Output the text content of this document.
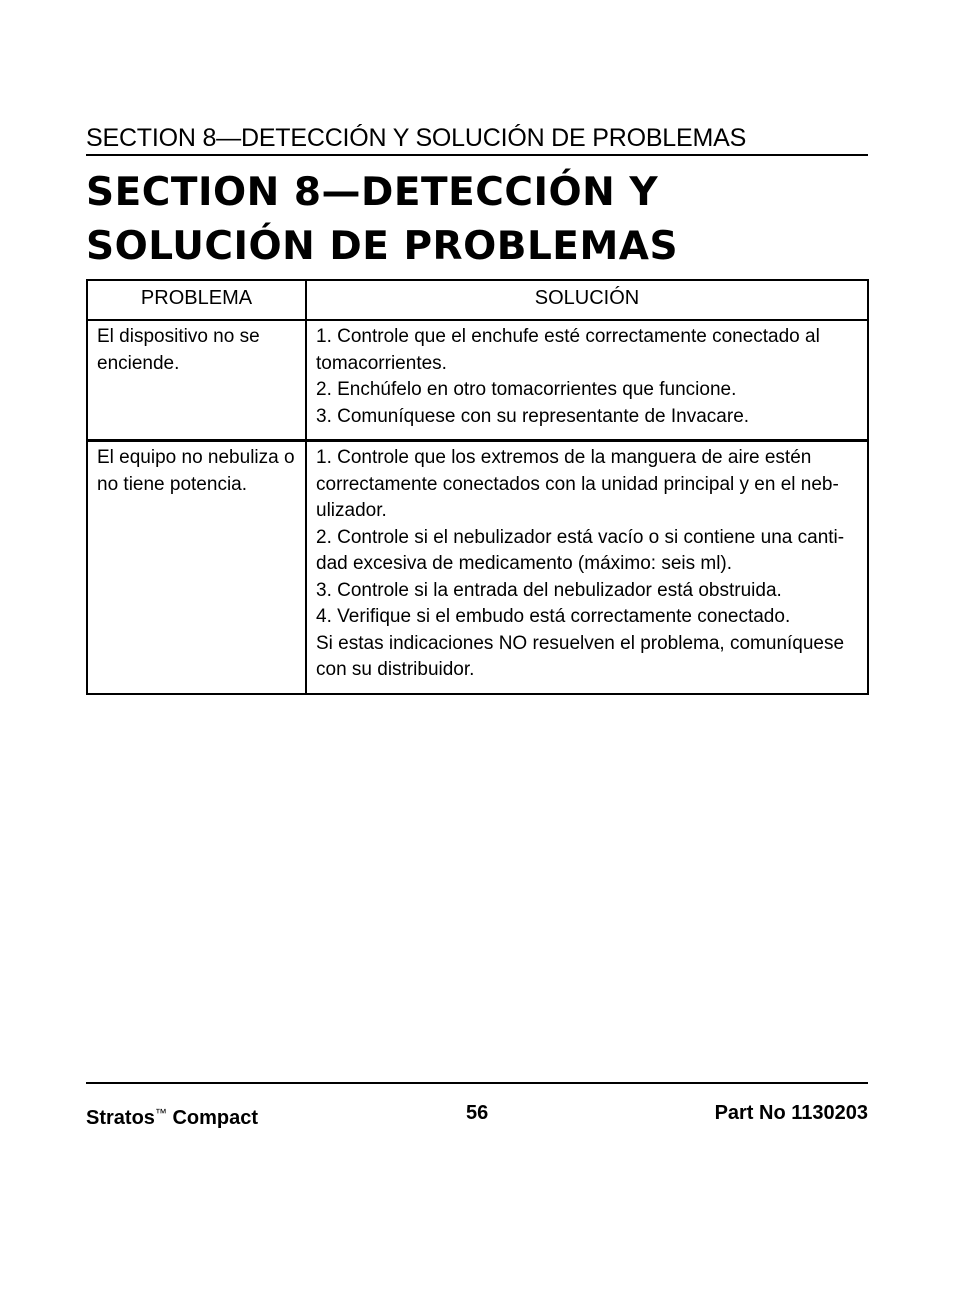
SECTION 8—DETECCIÓN Y SOLUCIÓN DE PROBLEMAS
SECTION 8—DETECCIÓN Y
SOLUCIÓN DE PROBLEMAS
PROBLEMA	SOLUCIÓN
El dispositivo no se enciende.	1. Controle que el enchufe esté correctamente conectado al tomacorrientes.
2. Enchúfelo en otro tomacorrientes que funcione.
3. Comuníquese con su representante de Invacare.

El equipo no nebuliza o no tiene potencia.	1. Controle que los extremos de la manguera de aire estén correctamente conectados con la unidad principal y en el nebulizador.
2. Controle si el nebulizador está vacío o si contiene una cantidad excesiva de medicamento (máximo: seis ml).
3. Controle si la entrada del nebulizador está obstruida.
4. Verifique si el embudo está correctamente conectado.
Si estas indicaciones NO resuelven el problema, comuníquese con su distribuidor.
Stratos™ Compact	56	Part No 1130203
